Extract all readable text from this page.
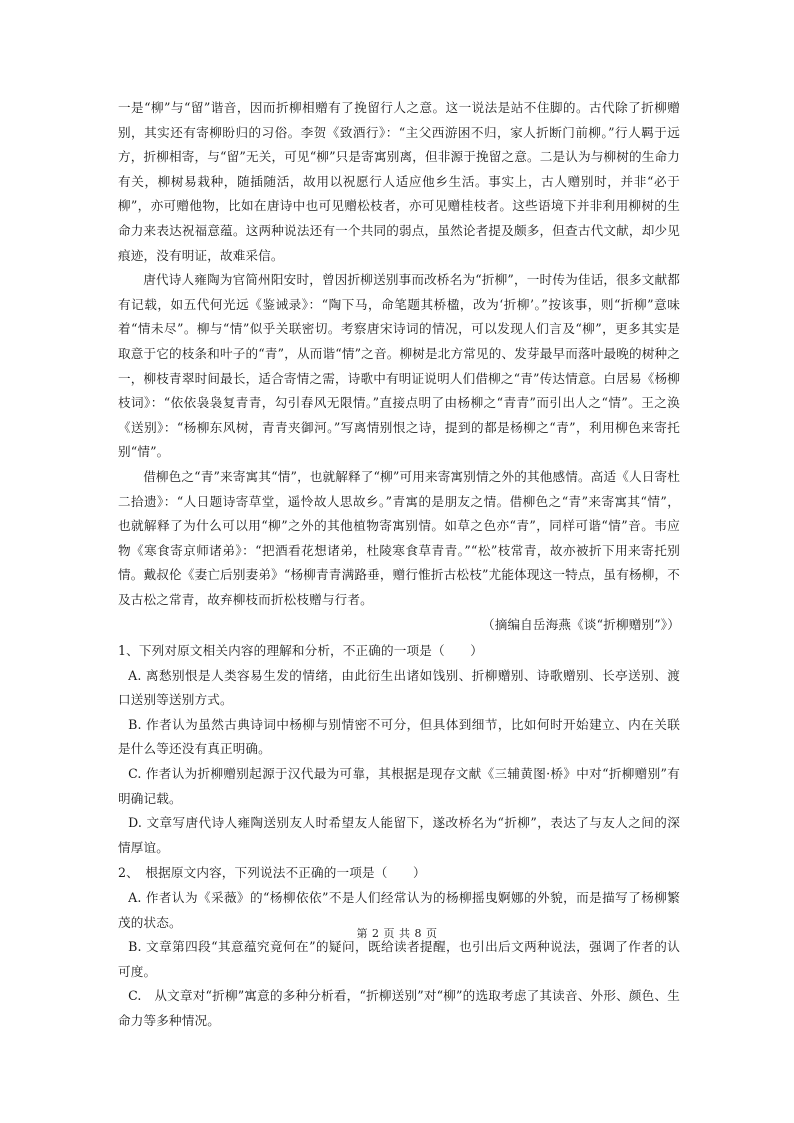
一是“柳”与“留”谐音，因而折柳相赠有了挽留行人之意。这一说法是站不住脚的。古代除了折柳赠别，其实还有寄柳盼归的习俗。李贺《致酒行》：“主父西游困不归，家人折断门前柳。”行人羁于远方，折柳相寄，与“留”无关，可见“柳”只是寄寓别离，但非源于挽留之意。二是认为与柳树的生命力有关，柳树易栽种，随插随活，故用以祝愿行人适应他乡生活。事实上，古人赠别时，并非“必于柳”，亦可赠他物，比如在唐诗中也可见赠松枝者，亦可见赠桂枝者。这些语境下并非利用柳树的生命力来表达祝福意蕴。这两种说法还有一个共同的弱点，虽然论者提及颇多，但查古代文献，却少见痕迹，没有明证，故难采信。

唐代诗人雍陶为官简州阳安时，曾因折柳送别事而改桥名为“折柳”，一时传为佳话，很多文献都有记载，如五代何光远《鉴诫录》：“陶下马，命笔题其桥楹，改为‘折柳’。”按该事，则“折柳”意味着“情未尽”。柳与“情”似乎关联密切。考察唐宋诗词的情况，可以发现人们言及“柳”，更多其实是取意于它的枝条和叶子的“青”，从而谐“情”之音。柳树是北方常见的、发芽最早而落叶最晚的树种之一，柳枝青翠时间最长，适合寄情之需，诗歌中有明证说明人们借柳之“青”传达情意。白居易《杨柳枝词》：“依依袅袅复青青，勾引春风无限情。”直接点明了由杨柳之“青青”而引出人之“情”。王之涣《送别》：“杨柳东风树，青青夹御河。”写离情别恨之诗，提到的都是杨柳之“青”，利用柳色来寄托别“情”。

借柳色之“青”来寄寓其“情”，也就解释了“柳”可用来寄寓别情之外的其他感情。高适《人日寄杜二拾遗》：“人日题诗寄草堂，遥怜故人思故乡。”青寓的是朋友之情。借柳色之“青”来寄寓其“情”，也就解释了为什么可以用“柳”之外的其他植物寄寓别情。如草之色亦“青”，同样可谐“情”音。韦应物《寒食寄京师诸弟》：“把酒看花想诸弟，杜陵寒食草青青。”“松”枝常青，故亦被折下用来寄托别情。戴叔伦《妻亡后别妻弟》“杨柳青青满路垂，赠行惟折古松枝”尤能体现这一特点，虽有杨柳，不及古松之常青，故弃柳枝而折松枝赠与行者。

（摘编自岳海燕《谈“折柳赠别”》）

1、下列对原文相关内容的理解和分析，不正确的一项是（　　）

A. 离愁别恨是人类容易生发的情绪，由此衍生出诸如饯别、折柳赠别、诗歌赠别、长亭送别、渡口送别等送别方式。

B. 作者认为虽然古典诗词中杨柳与别情密不可分，但具体到细节，比如何时开始建立、内在关联是什么等还没有真正明确。

C. 作者认为折柳赠别起源于汉代最为可靠，其根据是现存文献《三辅黄图·桥》中对“折柳赠别”有明确记载。

D. 文章写唐代诗人雍陶送别友人时希望友人能留下，遂改桥名为“折柳”，表达了与友人之间的深情厚谊。

2、　根据原文内容，下列说法不正确的一项是（　　）

A. 作者认为《采薇》的“杨柳依依”不是人们经常认为的杨柳摇曳婀娜的外貌，而是描写了杨柳繁茂的状态。

B. 文章第四段“其意蕴究竟何在”的疑问，既给读者提醒，也引出后文两种说法，强调了作者的认可度。

C.　从文章对“折柳”寓意的多种分析看，“折柳送别”对“柳”的选取考虑了其读音、外形、颜色、生命力等多种情况。

第 2 页 共 8 页
